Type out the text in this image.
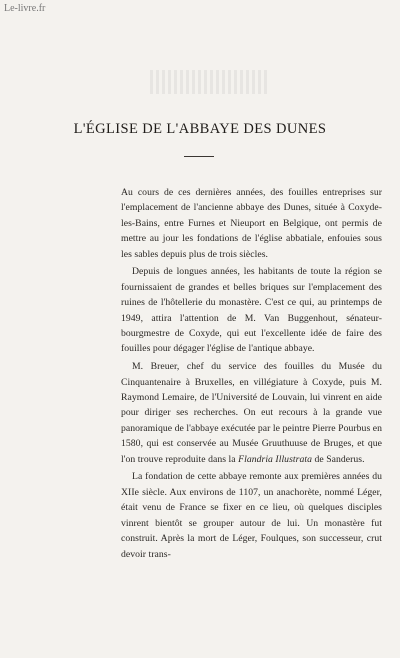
Le-livre.fr
L'ÉGLISE DE L'ABBAYE DES DUNES

Au cours de ces dernières années, des fouilles entreprises sur l'emplacement de l'ancienne abbaye des Dunes, située à Coxyde-les-Bains, entre Furnes et Nieuport en Belgique, ont permis de mettre au jour les fondations de l'église abbatiale, enfouies sous les sables depuis plus de trois siècles.

Depuis de longues années, les habitants de toute la région se fournissaient de grandes et belles briques sur l'emplacement des ruines de l'hôtellerie du monastère. C'est ce qui, au printemps de 1949, attira l'attention de M. Van Buggenhout, sénateur-bourgmestre de Coxyde, qui eut l'excellente idée de faire des fouilles pour dégager l'église de l'antique abbaye.

M. Breuer, chef du service des fouilles du Musée du Cinquantenaire à Bruxelles, en villégiature à Coxyde, puis M. Raymond Lemaire, de l'Université de Louvain, lui vinrent en aide pour diriger ses recherches. On eut recours à la grande vue panoramique de l'abbaye exécutée par le peintre Pierre Pourbus en 1580, qui est conservée au Musée Gruuthuuse de Bruges, et que l'on trouve reproduite dans la Flandria Illustrata de Sanderus.

La fondation de cette abbaye remonte aux premières années du XIIe siècle. Aux environs de 1107, un anachorète, nommé Léger, était venu de France se fixer en ce lieu, où quelques disciples vinrent bientôt se grouper autour de lui. Un monastère fut construit. Après la mort de Léger, Foulques, son successeur, crut devoir trans-
